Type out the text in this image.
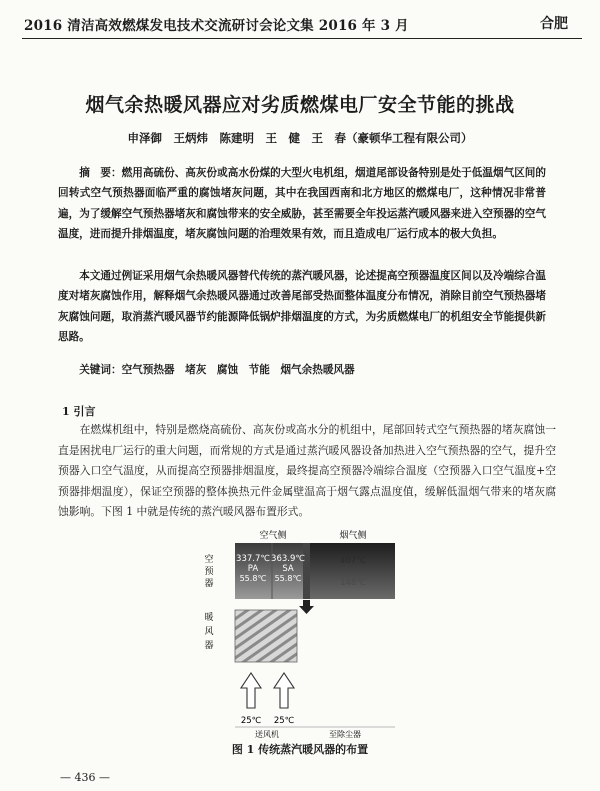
2016 清洁高效燃煤发电技术交流研讨会论文集 2016 年 3 月	合肥
烟气余热暖风器应对劣质燃煤电厂安全节能的挑战
申泽御　王炳炜　陈建明　王　健　王　春（豪顿华工程有限公司）
摘　要：燃用高硫份、高灰份或高水份煤的大型火电机组，烟道尾部设备特别是处于低温烟气区间的回转式空气预热器面临严重的腐蚀堵灰问题，其中在我国西南和北方地区的燃煤电厂，这种情况非常普遍，为了缓解空气预热器堵灰和腐蚀带来的安全威胁，甚至需要全年投运蒸汽暖风器来进入空预器的空气温度，进而提升排烟温度，堵灰腐蚀问题的治理效果有效，而且造成电厂运行成本的极大负担。
本文通过例证采用烟气余热暖风器替代传统的蒸汽暖风器，论述提高空预器温度区间以及冷端综合温度对堵灰腐蚀作用，解释烟气余热暖风器通过改善尾部受热面整体温度分布情况，消除目前空气预热器堵灰腐蚀问题，取消蒸汽暖风器节约能源降低锅炉排烟温度的方式，为劣质燃煤电厂的机组安全节能提供新思路。
关键词：空气预热器　堵灰　腐蚀　节能　烟气余热暖风器
1 引言
在燃煤机组中，特别是燃烧高硫份、高灰份或高水分的机组中，尾部回转式空气预热器的堵灰腐蚀一直是困扰电厂运行的重大问题，而常规的方式是通过蒸汽暖风器设备加热进入空气预热器的空气，提升空预器入口空气温度，从而提高空预器排烟温度，最终提高空预器冷端综合温度（空预器入口空气温度+空预器排烟温度），保证空预器的整体换热元件金属壁温高于烟气露点温度值，缓解低温烟气带来的堵灰腐蚀影响。下图 1 中就是传统的蒸汽暖风器布置形式。
空气侧	烟气侧
空
预
器
暖
风
器
337.7℃
PA
55.8℃
363.9℃
SA
55.8℃
407℃
148℃
25℃ 25℃
送风机	至除尘器
图 1 传统蒸汽暖风器的布置
— 436 —
